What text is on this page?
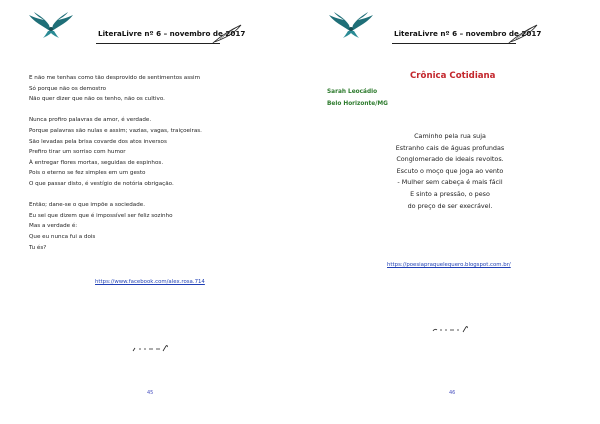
LiteraLivre nº 6 – novembro de 2017
E não me tenhas como tão desprovido de sentimentos assim
Só porque não os demostro
Não quer dizer que não os tenho, não os cultivo.
Nunca profiro palavras de amor, é verdade.
Porque palavras são nulas e assim; vazias, vagas, traiçoeiras.
São levadas pela brisa covarde dos atos inversos
Prefiro tirar um sorriso com humor
À entregar flores mortas, seguidas de espinhos.
Pois o eterno se fez simples em um gesto
O que passar disto, é vestígio de notória obrigação.
Então; dane-se o que impõe a sociedade.
Eu sei que dizem que é impossível ser feliz sozinho
Mas a verdade é:
Que eu nunca fui a dois
Tu és?
https://www.facebook.com/alex.rosa.714
45
LiteraLivre nº 6 – novembro de 2017
Crônica Cotidiana
Sarah Leocádio
Belo Horizonte/MG
Caminho pela rua suja
Estranho cais de águas profundas
Conglomerado de ideais revoltos.
Escuto o moço que joga ao vento
- Mulher sem cabeça é mais fácil
E sinto a pressão, o peso
do preço de ser execrável.
https://poesiapraquelequero.blogspot.com.br/
46
